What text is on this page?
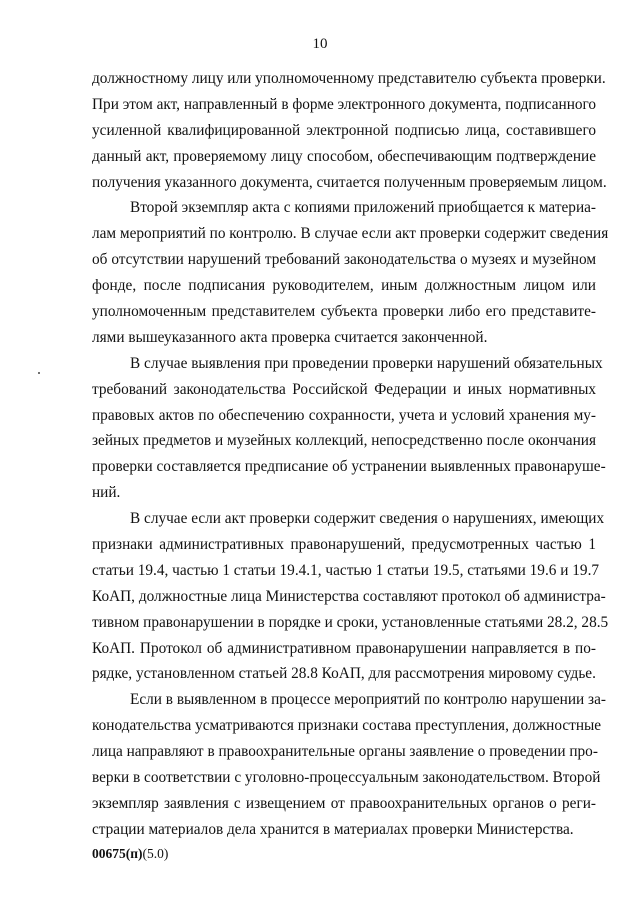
10
должностному лицу или уполномоченному представителю субъекта проверки.
При этом акт, направленный в форме электронного документа, подписанного
усиленной квалифицированной электронной подписью лица, составившего
данный акт, проверяемому лицу способом, обеспечивающим подтверждение
получения указанного документа, считается полученным проверяемым лицом.
Второй экземпляр акта с копиями приложений приобщается к материа-
лам мероприятий по контролю. В случае если акт проверки содержит сведения
об отсутствии нарушений требований законодательства о музеях и музейном
фонде, после подписания руководителем, иным должностным лицом или
уполномоченным представителем субъекта проверки либо его представите-
лями вышеуказанного акта проверка считается законченной.
В случае выявления при проведении проверки нарушений обязательных
требований законодательства Российской Федерации и иных нормативных
правовых актов по обеспечению сохранности, учета и условий хранения му-
зейных предметов и музейных коллекций, непосредственно после окончания
проверки составляется предписание об устранении выявленных правонаруше-
ний.
В случае если акт проверки содержит сведения о нарушениях, имеющих
признаки административных правонарушений, предусмотренных частью 1
статьи 19.4, частью 1 статьи 19.4.1, частью 1 статьи 19.5, статьями 19.6 и 19.7
КоАП, должностные лица Министерства составляют протокол об администра-
тивном правонарушении в порядке и сроки, установленные статьями 28.2, 28.5
КоАП. Протокол об административном правонарушении направляется в по-
рядке, установленном статьей 28.8 КоАП, для рассмотрения мировому судье.
Если в выявленном в процессе мероприятий по контролю нарушении за-
конодательства усматриваются признаки состава преступления, должностные
лица направляют в правоохранительные органы заявление о проведении про-
верки в соответствии с уголовно-процессуальным законодательством. Второй
экземпляр заявления с извещением от правоохранительных органов о реги-
страции материалов дела хранится в материалах проверки Министерства.
00675(п)(5.0)
